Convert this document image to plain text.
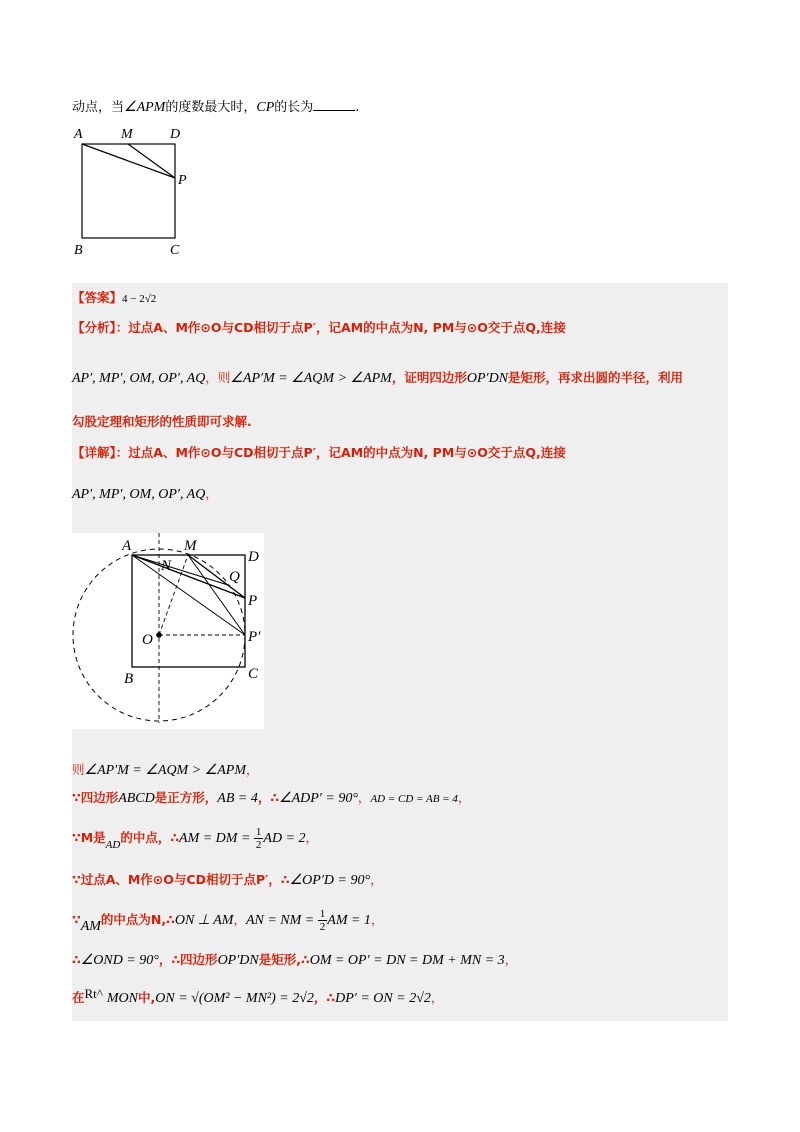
动点，当∠APM的度数最大时，CP的长为	.
A	M	D
P
B	C
【答案】4 − 2√2
【分析】：过点A、M作⊙O与CD相切于点P′，记AM的中点为N, PM与⊙O交于点Q,连接
AP′, MP′, OM, OP′, AQ，则∠AP′M = ∠AQM > ∠APM，证明四边形OP′DN是矩形，再求出圆的半径，利用
勾股定理和矩形的性质即可求解.
【详解】：过点A、M作⊙O与CD相切于点P′，记AM的中点为N, PM与⊙O交于点Q,连接
AP′, MP′, OM, OP′, AQ，
A	M
D
N
Q
P
O	P′
B	C
则∠AP′M = ∠AQM > ∠APM，
∵四边形ABCD是正方形，AB = 4，∴∠ADP′ = 90°，AD = CD = AB = 4，
∵M是AD的中点，∴AM = DM = $\frac{1}{2}$ AD = 2，
∵过点A、M作⊙O与CD相切于点P′，∴∠OP′D = 90°，
∵AM的中点为N,∴ON ⊥ AM，AN = NM = $\frac{1}{2}$ AM = 1，
∴∠OND = 90°，∴四边形OP′DN是矩形,∴OM = OP′ = DN = DM + MN = 3，
在Rt^ MON中,ON = √(OM² − MN²) = 2√2，∴DP′ = ON = 2√2，
